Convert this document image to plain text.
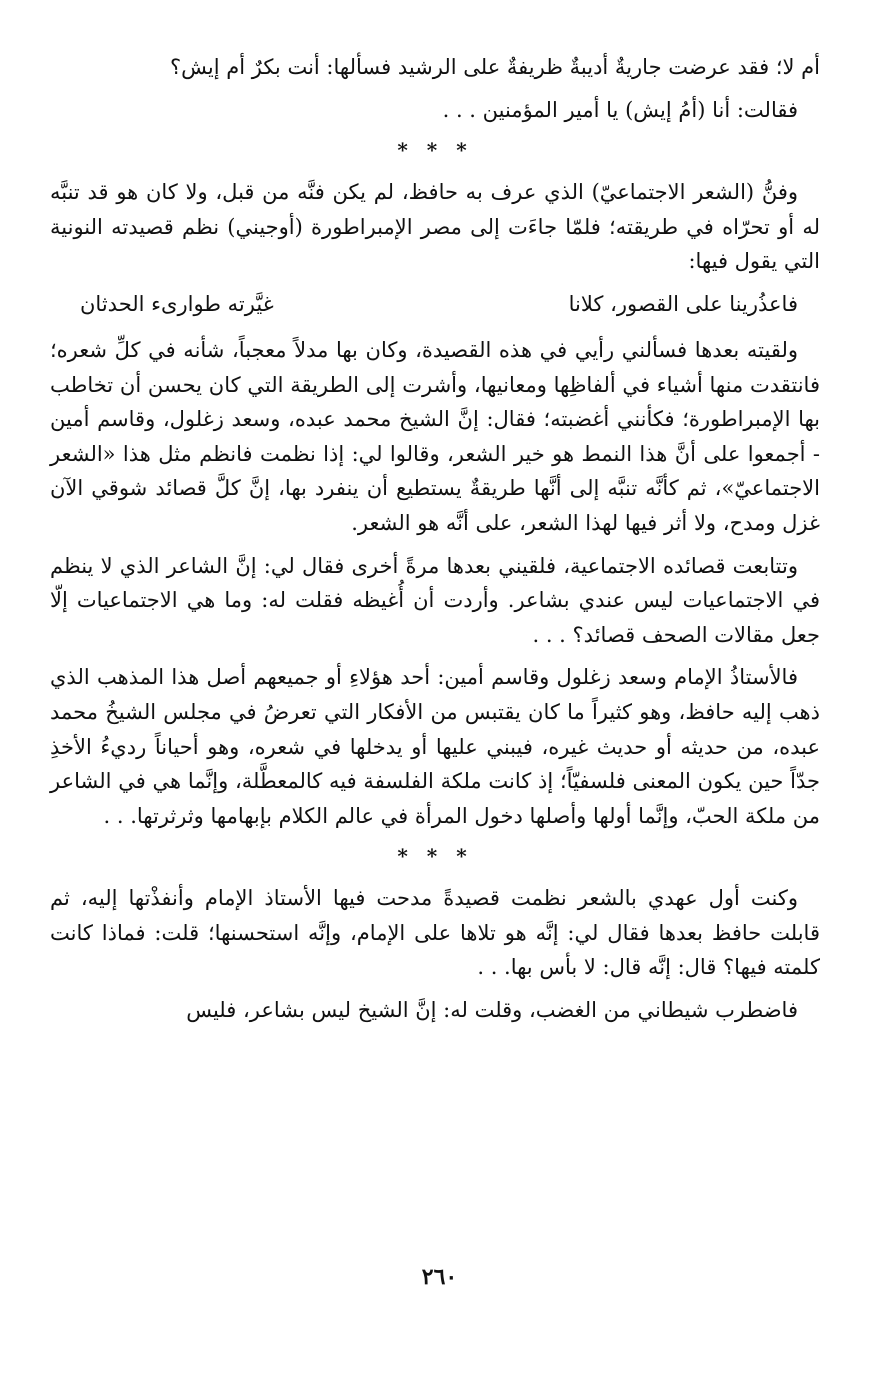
أم لا؛ فقد عرضت جاريةٌ أديبةٌ ظريفةٌ على الرشيد فسألها: أنت بكرٌ أم إيش؟

فقالت: أنا (أمُ إيش) يا أمير المؤمنين . . .

* * *

وفنُّ (الشعر الاجتماعيّ) الذي عرف به حافظ، لم يكن فنَّه من قبل، ولا كان هو قد تنبَّه له أو تحرّاه في طريقته؛ فلمّا جاءَت إلى مصر الإمبراطورة (أوجيني) نظم قصيدته النونية التي يقول فيها:

فاعذُرينا على القصور، كلانا
غيَّرته طوارىء الحدثان

ولقيته بعدها فسألني رأيي في هذه القصيدة، وكان بها مدلاً معجباً، شأنه في كلِّ شعره؛ فانتقدت منها أشياء في ألفاظِها ومعانيها، وأشرت إلى الطريقة التي كان يحسن أن تخاطب بها الإمبراطورة؛ فكأنني أغضبته؛ فقال: إنَّ الشيخ محمد عبده، وسعد زغلول، وقاسم أمين - أجمعوا على أنَّ هذا النمط هو خير الشعر، وقالوا لي: إذا نظمت فانظم مثل هذا «الشعر الاجتماعيّ»، ثم كأنَّه تنبَّه إلى أنَّها طريقةٌ يستطيع أن ينفرد بها، إنَّ كلَّ قصائد شوقي الآن غزل ومدح، ولا أثر فيها لهذا الشعر، على أنَّه هو الشعر.

وتتابعت قصائده الاجتماعية، فلقيني بعدها مرةً أخرى فقال لي: إنَّ الشاعر الذي لا ينظم في الاجتماعيات ليس عندي بشاعر. وأردت أن أُغيظه فقلت له: وما هي الاجتماعيات إلّا جعل مقالات الصحف قصائد؟ . . .

فالأستاذُ الإمام وسعد زغلول وقاسم أمين: أحد هؤلاءِ أو جميعهم أصل هذا المذهب الذي ذهب إليه حافظ، وهو كثيراً ما كان يقتبس من الأفكار التي تعرضُ في مجلس الشيخُ محمد عبده، من حديثه أو حديث غيره، فيبني عليها أو يدخلها في شعره، وهو أحياناً رديءُ الأخذِ جدّاً حين يكون المعنى فلسفيّاً؛ إذ كانت ملكة الفلسفة فيه كالمعطَّلة، وإنَّما هي في الشاعر من ملكة الحبّ، وإنَّما أولها وأصلها دخول المرأة في عالم الكلام بإبهامها وثرثرتها. . .

* * *

وكنت أول عهدي بالشعر نظمت قصيدةً مدحت فيها الأستاذ الإمام وأنفذْتها إليه، ثم قابلت حافظ بعدها فقال لي: إنَّه هو تلاها على الإمام، وإنَّه استحسنها؛ قلت: فماذا كانت كلمته فيها؟ قال: إنَّه قال: لا بأس بها. . .

فاضطرب شيطاني من الغضب، وقلت له: إنَّ الشيخ ليس بشاعر، فليس

٢٦٠
